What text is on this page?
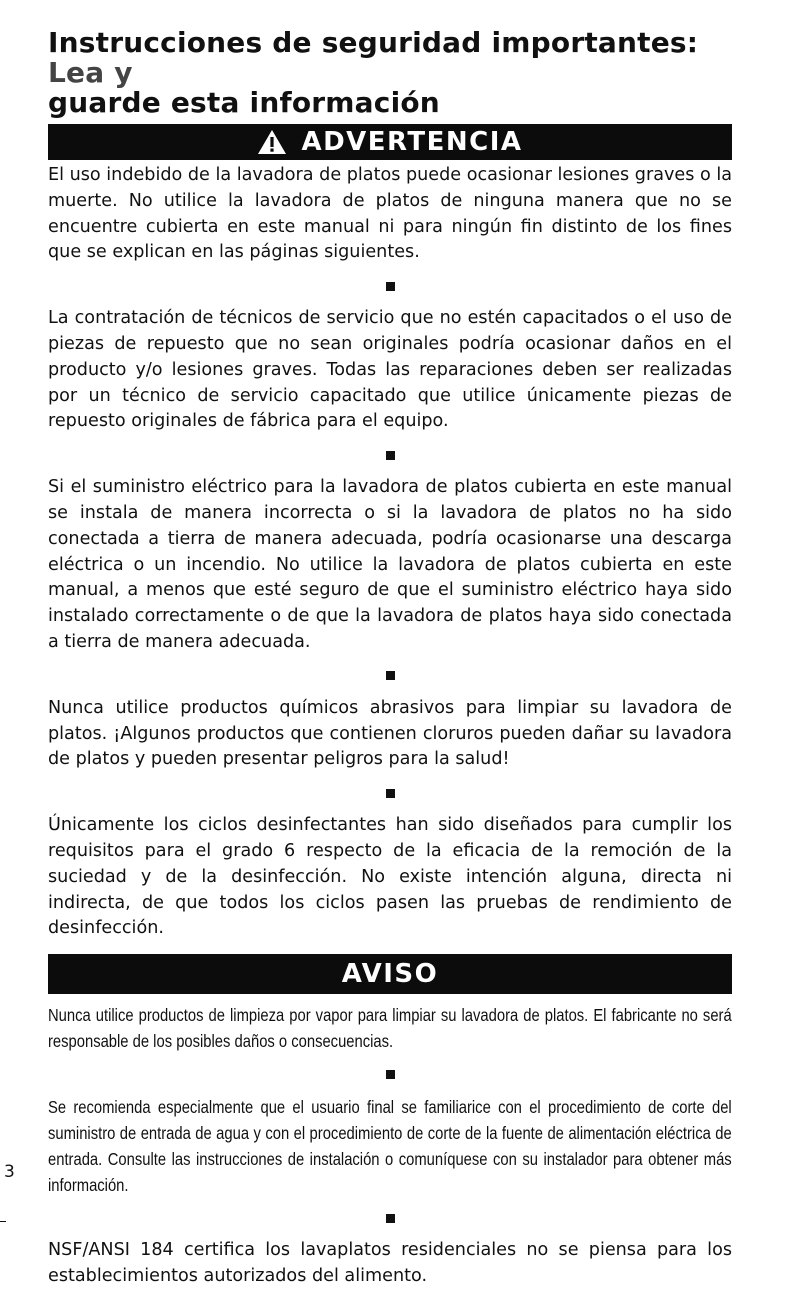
Instrucciones de seguridad importantes: Lea y
guarde esta información
ADVERTENCIA

El uso indebido de la lavadora de platos puede ocasionar lesiones graves o la muerte. No utilice la lavadora de platos de ninguna manera que no se encuentre cubierta en este manual ni para ningún fin distinto de los fines que se explican en las páginas siguientes.

La contratación de técnicos de servicio que no estén capacitados o el uso de piezas de repuesto que no sean originales podría ocasionar daños en el producto y/o lesiones graves. Todas las reparaciones deben ser realizadas por un técnico de servicio capacitado que utilice únicamente piezas de repuesto originales de fábrica para el equipo.

Si el suministro eléctrico para la lavadora de platos cubierta en este manual se instala de manera incorrecta o si la lavadora de platos no ha sido conectada a tierra de manera adecuada, podría ocasionarse una descarga eléctrica o un incendio. No utilice la lavadora de platos cubierta en este manual, a menos que esté seguro de que el suministro eléctrico haya sido instalado correctamente o de que la lavadora de platos haya sido conectada a tierra de manera adecuada.

Nunca utilice productos químicos abrasivos para limpiar su lavadora de platos. ¡Algunos productos que contienen cloruros pueden dañar su lavadora de platos y pueden presentar peligros para la salud!

Únicamente los ciclos desinfectantes han sido diseñados para cumplir los requisitos para el grado 6 respecto de la eficacia de la remoción de la suciedad y de la desinfección. No existe intención alguna, directa ni indirecta, de que todos los ciclos pasen las pruebas de rendimiento de desinfección.

AVISO

Nunca utilice productos de limpieza por vapor para limpiar su lavadora de platos. El fabricante no será responsable de los posibles daños o consecuencias.

Se recomienda especialmente que el usuario final se familiarice con el procedimiento de corte del suministro de entrada de agua y con el procedimiento de corte de la fuente de alimentación eléctrica de entrada. Consulte las instrucciones de instalación o comuníquese con su instalador para obtener más información.

NSF/ANSI 184 certifica los lavaplatos residenciales no se piensa para los establecimientos autorizados del alimento.

3
